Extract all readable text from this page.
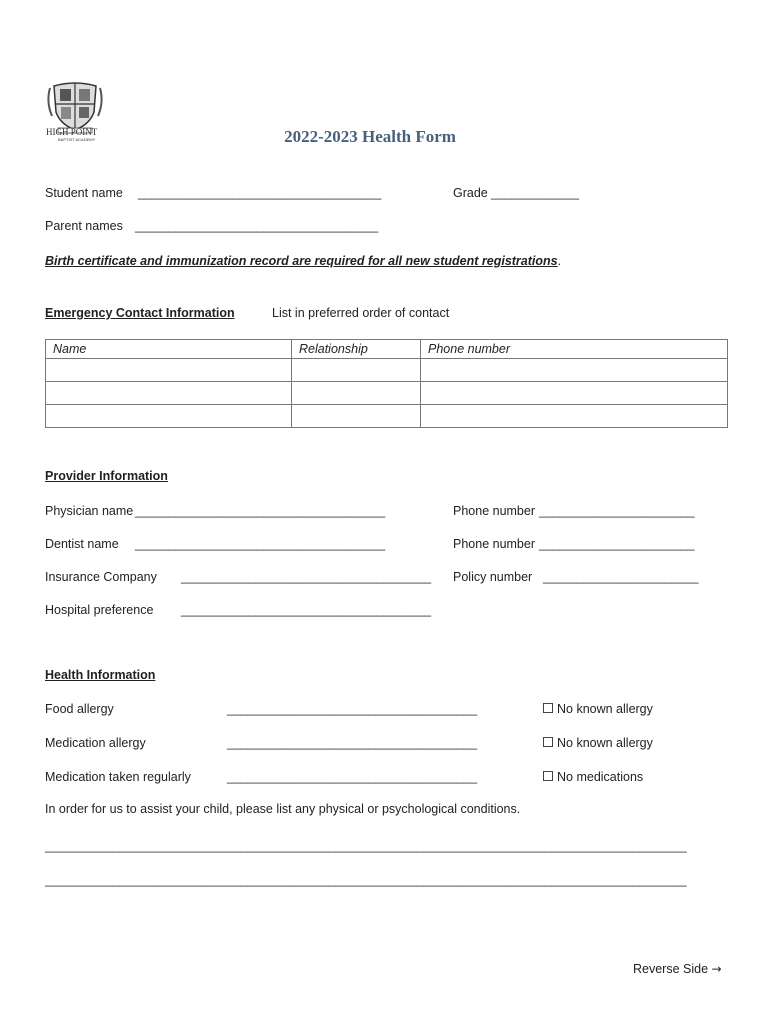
HIGH POINT
BAPTIST ACADEMY	2022-2023 Health Form
Student name ____________________________________	Grade _____________
Parent names ____________________________________
Birth certificate and immunization record are required for all new student registrations.
Emergency Contact Information	List in preferred order of contact
Name	Relationship	Phone number

Provider Information
Physician name _____________________________________	Phone number _______________________
Dentist name _____________________________________	Phone number _______________________
Insurance Company _____________________________________ Policy number _______________________
Hospital preference _____________________________________
Health Information
Food allergy	_____________________________________	No known allergy
Medication allergy	_____________________________________	No known allergy
Medication taken regularly	_____________________________________	No medications
In order for us to assist your child, please list any physical or psychological conditions.
_______________________________________________________________________________________________
_______________________________________________________________________________________________
Reverse Side →
